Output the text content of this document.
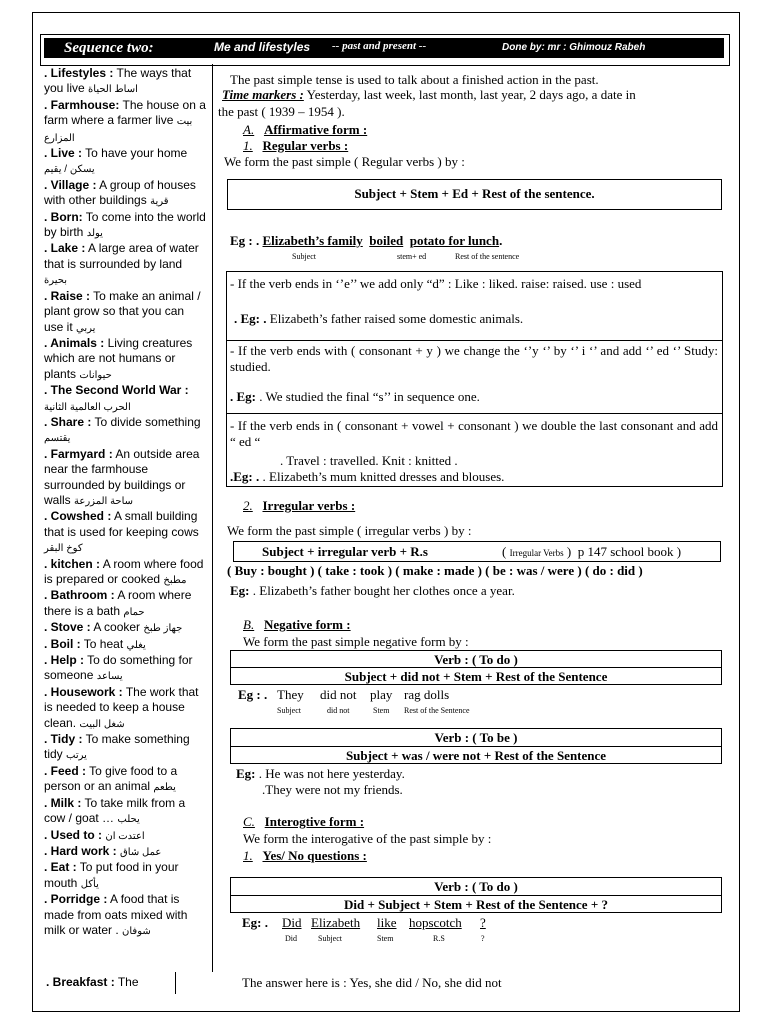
Sequence two:	Me and lifestyles -- past and present --	Done by: mr : Ghimouz Rabeh

. Lifestyles : The ways that you live اساط الحياة

. Farmhouse: The house on a farm where a farmer live بيت المزارع

. Live : To have your home يسكن / يقيم

. Village : A group of houses with other buildings قرية

. Born: To come into the world by birth يولد

. Lake : A large area of water that is surrounded by land بحيرة

. Raise : To make an animal / plant grow so that you can use it يربي

. Animals : Living creatures which are not humans or plants حيوانات

. The Second World War : الحرب العالمية الثانية

. Share : To divide something يقتسم

. Farmyard : An outside area near the farmhouse surrounded by buildings or walls ساحة المزرعة

. Cowshed : A small building that is used for keeping cows كوخ البقر

. kitchen : A room where food is prepared or cooked مطبخ

. Bathroom : A room where there is a bath حمام

. Stove : A cooker جهاز طبخ

. Boil : To heat يغلي

. Help : To do something for someone يساعد

. Housework : The work that is needed to keep a house clean. شغل البيت

. Tidy : To make something tidy يرتب

. Feed : To give food to a person or an animal يطعم

. Milk : To take milk from a cow / goat … يحلب

. Used to : اعتدت ان

. Hard work : عمل شاق

. Eat : To put food in your mouth يأكل

. Porridge : A food that is made from oats mixed with milk or water . شوفان

. Breakfast : The
The past simple tense is used to talk about a finished action in the past.
Time markers : Yesterday, last week, last month, last year, 2 days ago, a date in
the past ( 1939 – 1954 ).
A. Affirmative form :
1. Regular verbs :
We form the past simple ( Regular verbs ) by :
Subject + Stem + Ed + Rest of the sentence.
Eg : . Elizabeth’s family boiled potato for lunch.
Subject	stem+ ed	Rest of the sentence
- If the verb ends in ‘’e’’ we add only “d” : Like : liked. raise: raised. use : used
. Eg: . Elizabeth’s father raised some domestic animals.
- If the verb ends with ( consonant + y ) we change the ‘’y ‘’ by ‘’ i ‘’ and add ‘’ ed ‘’ Study: studied.
. Eg: . We studied the final “s’’ in sequence one.
- If the verb ends in ( consonant + vowel + consonant ) we double the last consonant and add “ ed “
. Travel : travelled. Knit : knitted .
.Eg: . . Elizabeth’s mum knitted dresses and blouses.
2. Irregular verbs :
We form the past simple ( irregular verbs ) by :
Subject + irregular verb + R.s	( Irregular Verbs )  p 147 school book )
( Buy : bought ) ( take : took ) ( make : made ) ( be : was / were ) ( do : did )
Eg: . Elizabeth’s father bought her clothes once a year.
B. Negative form :
We form the past simple negative form by :
Verb : ( To do )
Subject + did not + Stem + Rest of the Sentence
Eg : . They did not play rag dolls
Subject	did not	Stem Rest of the Sentence
Verb : ( To be )
Subject + was / were not + Rest of the Sentence
Eg: . He was not here yesterday.
.They were not my friends.
C. Interogtive form :
We form the interogative of the past simple by :
1. Yes/ No questions :
Verb : ( To do )
Did + Subject + Stem + Rest of the Sentence + ?
Eg: . Did Elizabeth like hopscotch ?
Did	Subject	Stem	R.S	?
The answer here is : Yes, she did / No, she did not
